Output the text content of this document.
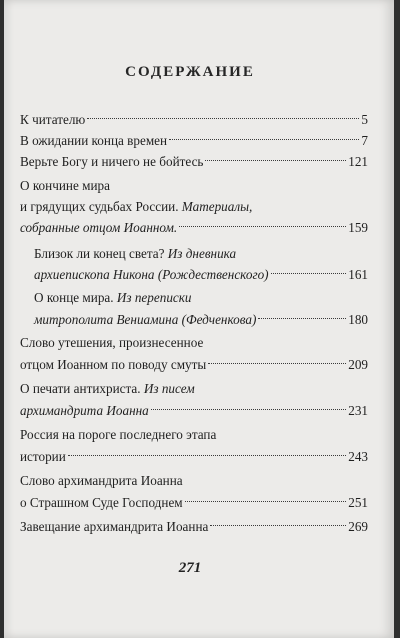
СОДЕРЖАНИЕ
К читателю	5
В ожидании конца времен	7
Верьте Богу и ничего не бойтесь	121
О кончине мира
и грядущих судьбах России. Материалы,
собранные отцом Иоанном.	159
Близок ли конец света? Из дневника
архиепископа Никона (Рождественского)	161
О конце мира. Из переписки
митрополита Вениамина (Федченкова)	180
Слово утешения, произнесенное
отцом Иоанном по поводу смуты	209
О печати антихриста. Из писем
архимандрита Иоанна	231
Россия на пороге последнего этапа
истории	243
Слово архимандрита Иоанна
о Страшном Суде Господнем	251
Завещание архимандрита Иоанна	269
271
